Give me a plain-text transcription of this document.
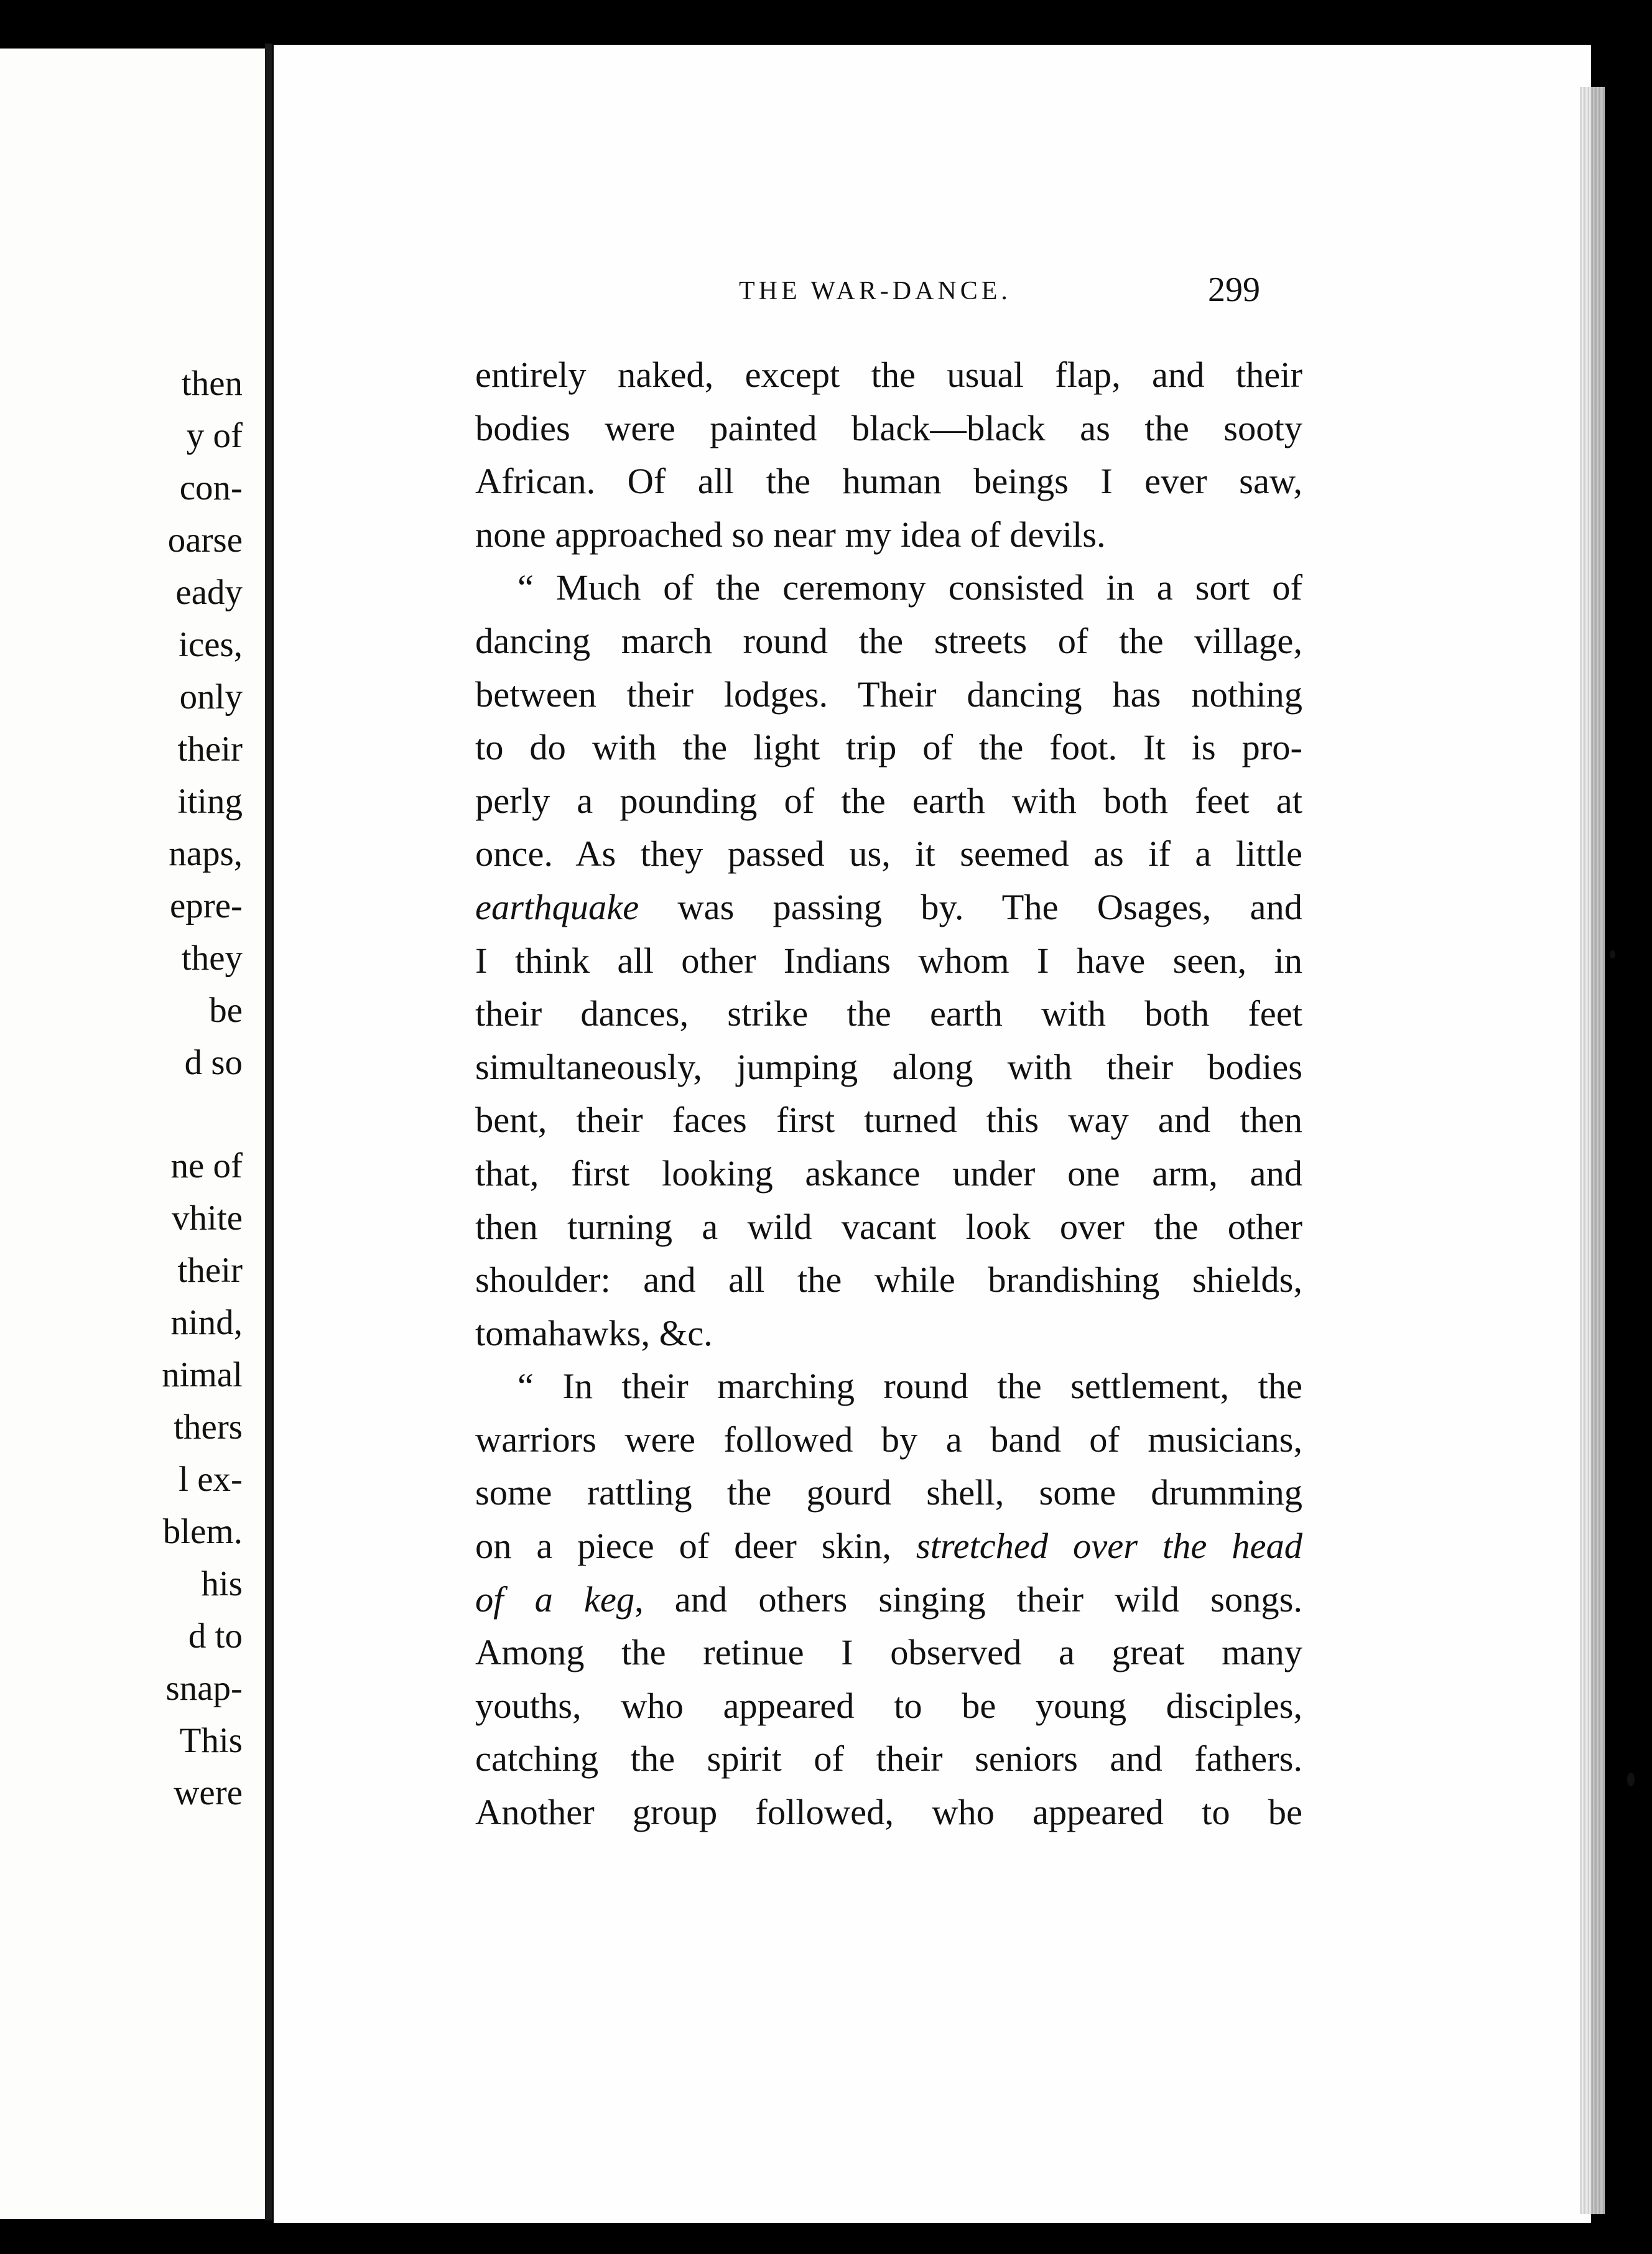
then
y of
con-
oarse
eady
ices,
only
their
iting
naps,
epre-
they
be
d so
ne of
vhite
their
nind,
nimal
thers
l ex-
blem.
his
d to
snap-
This
were
THE WAR-DANCE.	299

entirely naked, except the usual flap, and their

bodies were painted black—black as the sooty

African. Of all the human beings I ever saw,

none approached so near my idea of devils.

“ Much of the ceremony consisted in a sort of

dancing march round the streets of the village,

between their lodges. Their dancing has nothing

to do with the light trip of the foot. It is pro-

perly a pounding of the earth with both feet at

once. As they passed us, it seemed as if a little

earthquake was passing by. The Osages, and

I think all other Indians whom I have seen, in

their dances, strike the earth with both feet

simultaneously, jumping along with their bodies

bent, their faces first turned this way and then

that, first looking askance under one arm, and

then turning a wild vacant look over the other

shoulder: and all the while brandishing shields,

tomahawks, &c.

“ In their marching round the settlement, the

warriors were followed by a band of musicians,

some rattling the gourd shell, some drumming

on a piece of deer skin, stretched over the head

of a keg, and others singing their wild songs.

Among the retinue I observed a great many

youths, who appeared to be young disciples,

catching the spirit of their seniors and fathers.

Another group followed, who appeared to be
